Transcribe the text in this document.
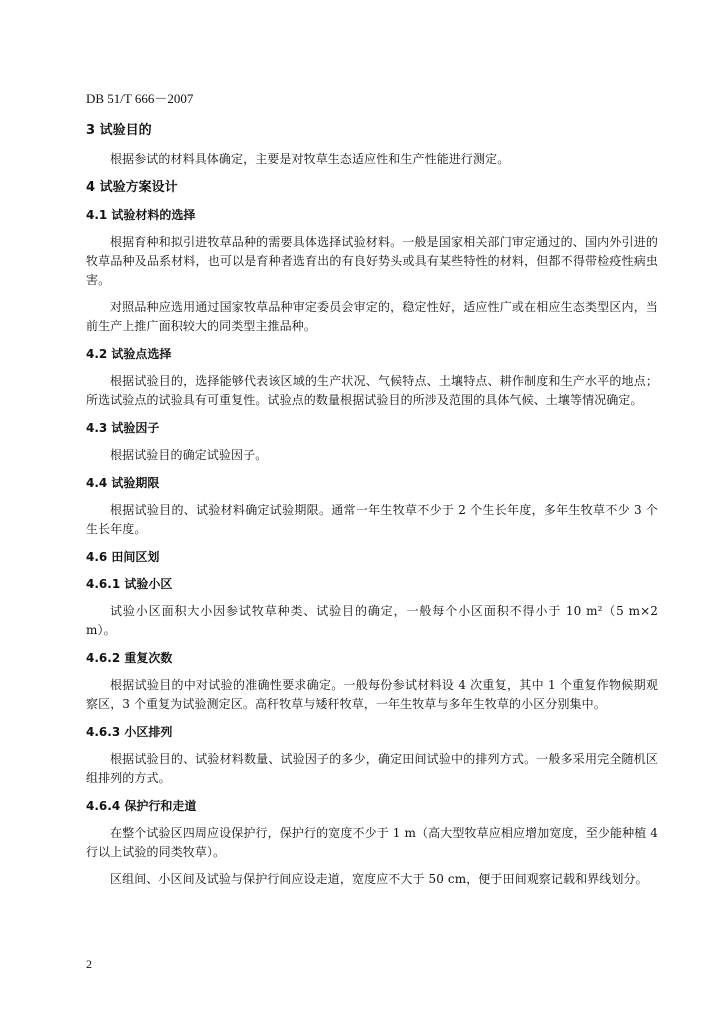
DB 51/T 666－2007
3 试验目的
根据参试的材料具体确定，主要是对牧草生态适应性和生产性能进行测定。
4 试验方案设计
4.1 试验材料的选择
根据育种和拟引进牧草品种的需要具体选择试验材料。一般是国家相关部门审定通过的、国内外引进的牧草品种及品系材料，也可以是育种者选育出的有良好势头或具有某些特性的材料，但都不得带检疫性病虫害。
对照品种应选用通过国家牧草品种审定委员会审定的，稳定性好，适应性广或在相应生态类型区内，当前生产上推广面积较大的同类型主推品种。
4.2 试验点选择
根据试验目的，选择能够代表该区域的生产状况、气候特点、土壤特点、耕作制度和生产水平的地点；所选试验点的试验具有可重复性。试验点的数量根据试验目的所涉及范围的具体气候、土壤等情况确定。
4.3 试验因子
根据试验目的确定试验因子。
4.4 试验期限
根据试验目的、试验材料确定试验期限。通常一年生牧草不少于 2 个生长年度，多年生牧草不少 3 个生长年度。
4.6 田间区划
4.6.1 试验小区
试验小区面积大小因参试牧草种类、试验目的确定，一般每个小区面积不得小于 10 m²（5 m×2 m）。
4.6.2 重复次数
根据试验目的中对试验的准确性要求确定。一般每份参试材料设 4 次重复，其中 1 个重复作物候期观察区，3 个重复为试验测定区。高秆牧草与矮秆牧草，一年生牧草与多年生牧草的小区分别集中。
4.6.3 小区排列
根据试验目的、试验材料数量、试验因子的多少，确定田间试验中的排列方式。一般多采用完全随机区组排列的方式。
4.6.4 保护行和走道
在整个试验区四周应设保护行，保护行的宽度不少于 1 m（高大型牧草应相应增加宽度，至少能种植 4 行以上试验的同类牧草）。
区组间、小区间及试验与保护行间应设走道，宽度应不大于 50 cm，便于田间观察记载和界线划分。
2
